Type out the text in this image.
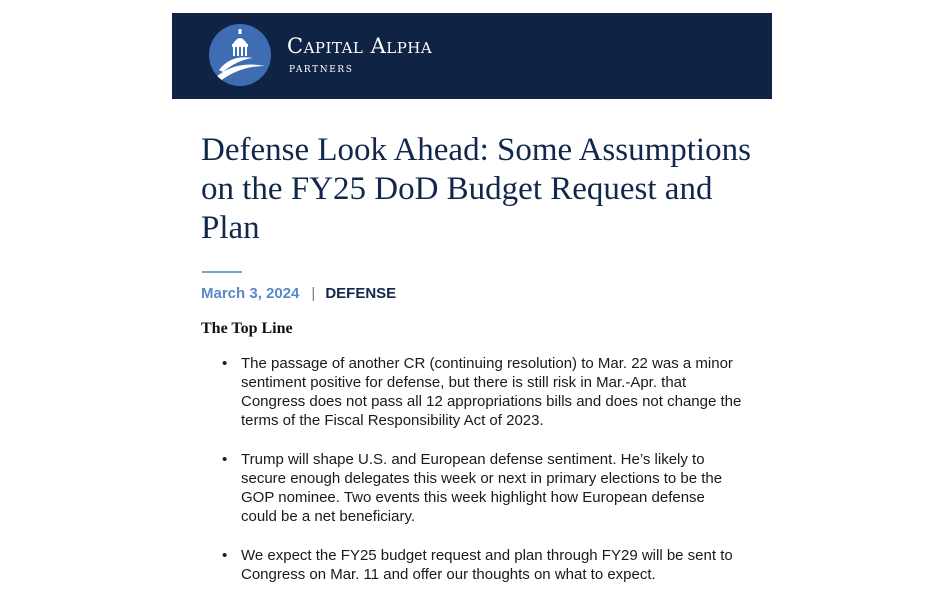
Capital Alpha
PARTNERS
Defense Look Ahead: Some Assumptions on the FY25 DoD Budget Request and Plan
March 3, 2024 | DEFENSE
The Top Line
• The passage of another CR (continuing resolution) to Mar. 22 was a minor sentiment positive for defense, but there is still risk in Mar.-Apr. that Congress does not pass all 12 appropriations bills and does not change the terms of the Fiscal Responsibility Act of 2023.
• Trump will shape U.S. and European defense sentiment. He’s likely to secure enough delegates this week or next in primary elections to be the GOP nominee. Two events this week highlight how European defense could be a net beneficiary.
• We expect the FY25 budget request and plan through FY29 will be sent to Congress on Mar. 11 and offer our thoughts on what to expect.
